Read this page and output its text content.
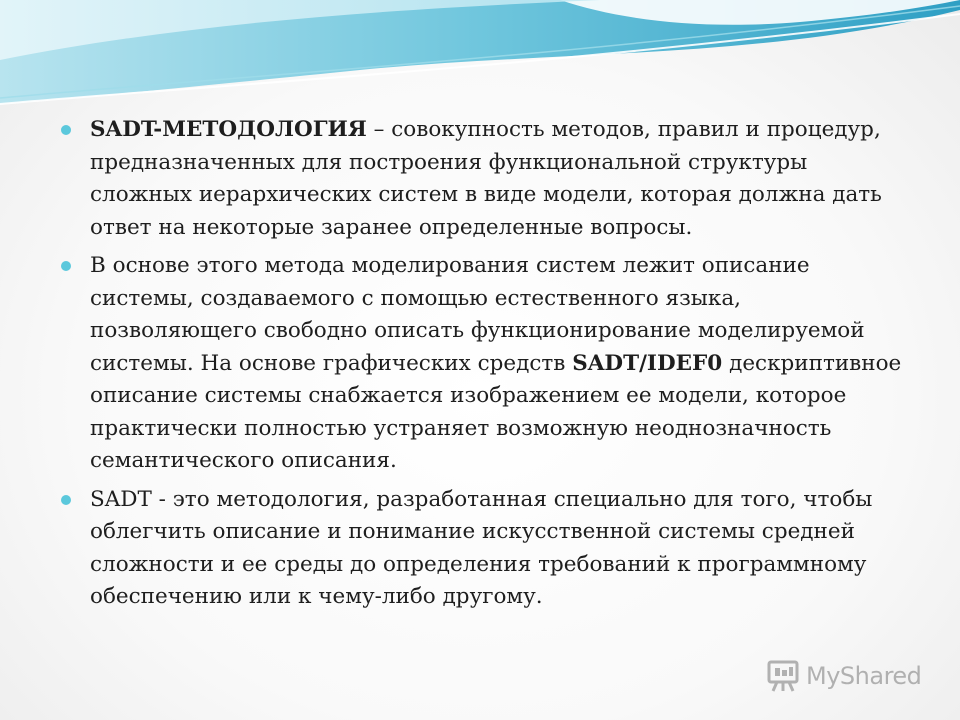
SADT-МЕТОДОЛОГИЯ – совокупность методов, правил и процедур, предназначенных для построения функциональной структуры сложных иерархических систем в виде модели, которая должна дать ответ на некоторые заранее определенные вопросы.

В основе этого метода моделирования систем лежит описание системы, создаваемого с помощью естественного языка, позволяющего свободно описать функционирование моделируемой системы. На основе графических средств SADT/IDEF0 дескриптивное описание системы снабжается изображением ее модели, которое практически полностью устраняет возможную неоднозначность семантического описания.

SADT - это методология, разработанная специально для того, чтобы облегчить описание и понимание искусственной системы средней сложности и ее среды до определения требований к программному обеспечению или к чему-либо другому.

MyShared
